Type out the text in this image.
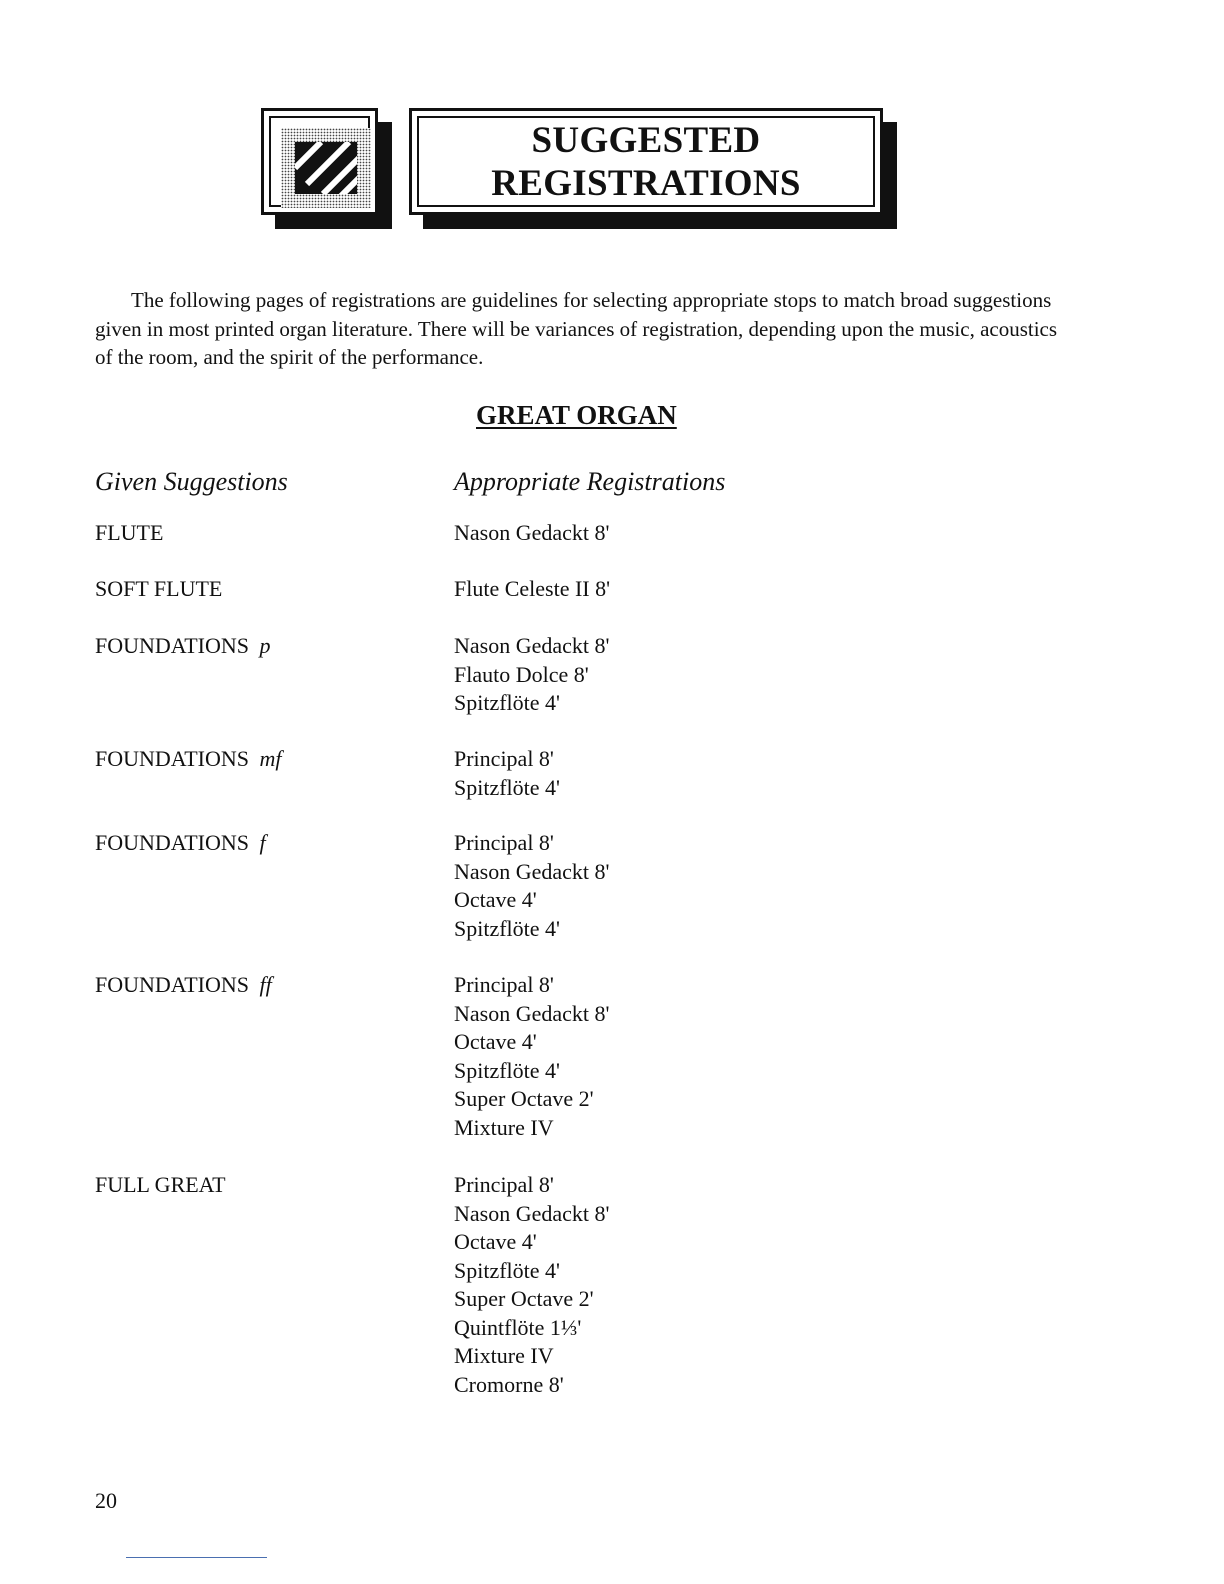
SUGGESTED
REGISTRATIONS

The following pages of registrations are guidelines for selecting appropriate stops to match broad suggestions given in most printed organ literature. There will be variances of registration, depending upon the music, acoustics of the room, and the spirit of the performance.

GREAT ORGAN
Given Suggestions	Appropriate Registrations
FLUTE	Nason Gedackt 8'
SOFT FLUTE	Flute Celeste II 8'
FOUNDATIONS p	Nason Gedackt 8'
Flauto Dolce 8'
Spitzflöte 4'
FOUNDATIONS mf	Principal 8'
Spitzflöte 4'
FOUNDATIONS f	Principal 8'
Nason Gedackt 8'
Octave 4'
Spitzflöte 4'
FOUNDATIONS ff	Principal 8'
Nason Gedackt 8'
Octave 4'
Spitzflöte 4'
Super Octave 2'
Mixture IV
FULL GREAT	Principal 8'
Nason Gedackt 8'
Octave 4'
Spitzflöte 4'
Super Octave 2'
Quintflöte 1⅓'
Mixture IV
Cromorne 8'
20
